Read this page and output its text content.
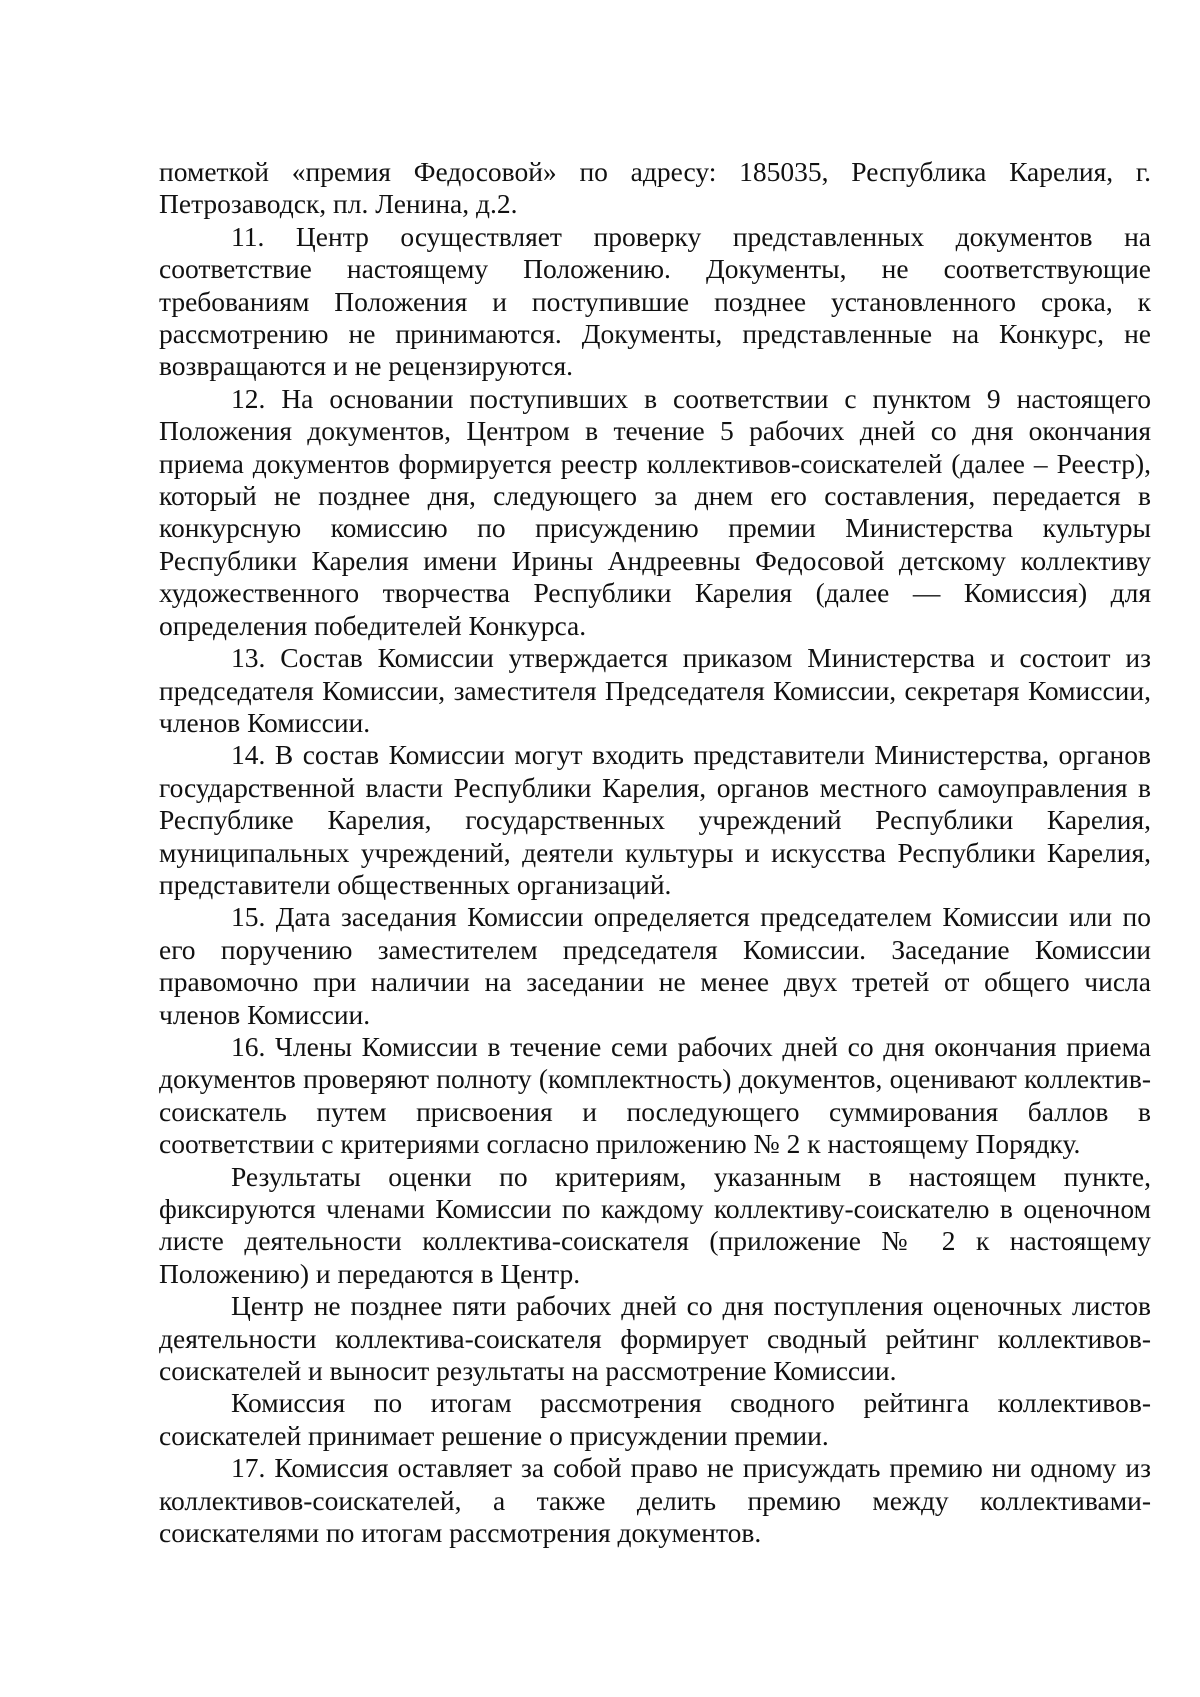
пометкой «премия Федосовой» по адресу: 185035, Республика Карелия, г. Петрозаводск, пл. Ленина, д.2.

11. Центр осуществляет проверку представленных документов на соответствие настоящему Положению. Документы, не соответствующие требованиям Положения и поступившие позднее установленного срока, к рассмотрению не принимаются. Документы, представленные на Конкурс, не возвращаются и не рецензируются.

12. На основании поступивших в соответствии с пунктом 9 настоящего Положения документов, Центром в течение 5 рабочих дней со дня окончания приема документов формируется реестр коллективов-соискателей (далее – Реестр), который не позднее дня, следующего за днем его составления, передается в конкурсную комиссию по присуждению премии Министерства культуры Республики Карелия имени Ирины Андреевны Федосовой детскому коллективу художественного творчества Республики Карелия (далее — Комиссия) для определения победителей Конкурса.

13. Состав Комиссии утверждается приказом Министерства и состоит из председателя Комиссии, заместителя Председателя Комиссии, секретаря Комиссии, членов Комиссии.

14. В состав Комиссии могут входить представители Министерства, органов государственной власти Республики Карелия, органов местного самоуправления в Республике Карелия, государственных учреждений Республики Карелия, муниципальных учреждений, деятели культуры и искусства Республики Карелия, представители общественных организаций.

15. Дата заседания Комиссии определяется председателем Комиссии или по его поручению заместителем председателя Комиссии. Заседание Комиссии правомочно при наличии на заседании не менее двух третей от общего числа членов Комиссии.

16. Члены Комиссии в течение семи рабочих дней со дня окончания приема документов проверяют полноту (комплектность) документов, оценивают коллектив-соискатель путем присвоения и последующего суммирования баллов в соответствии с критериями согласно приложению № 2 к настоящему Порядку.

Результаты оценки по критериям, указанным в настоящем пункте, фиксируются членами Комиссии по каждому коллективу-соискателю в оценочном листе деятельности коллектива-соискателя (приложение № 2 к настоящему Положению) и передаются в Центр.

Центр не позднее пяти рабочих дней со дня поступления оценочных листов деятельности коллектива-соискателя формирует сводный рейтинг коллективов-соискателей и выносит результаты на рассмотрение Комиссии.

Комиссия по итогам рассмотрения сводного рейтинга коллективов-соискателей принимает решение о присуждении премии.

17. Комиссия оставляет за собой право не присуждать премию ни одному из коллективов-соискателей, а также делить премию между коллективами-соискателями по итогам рассмотрения документов.
